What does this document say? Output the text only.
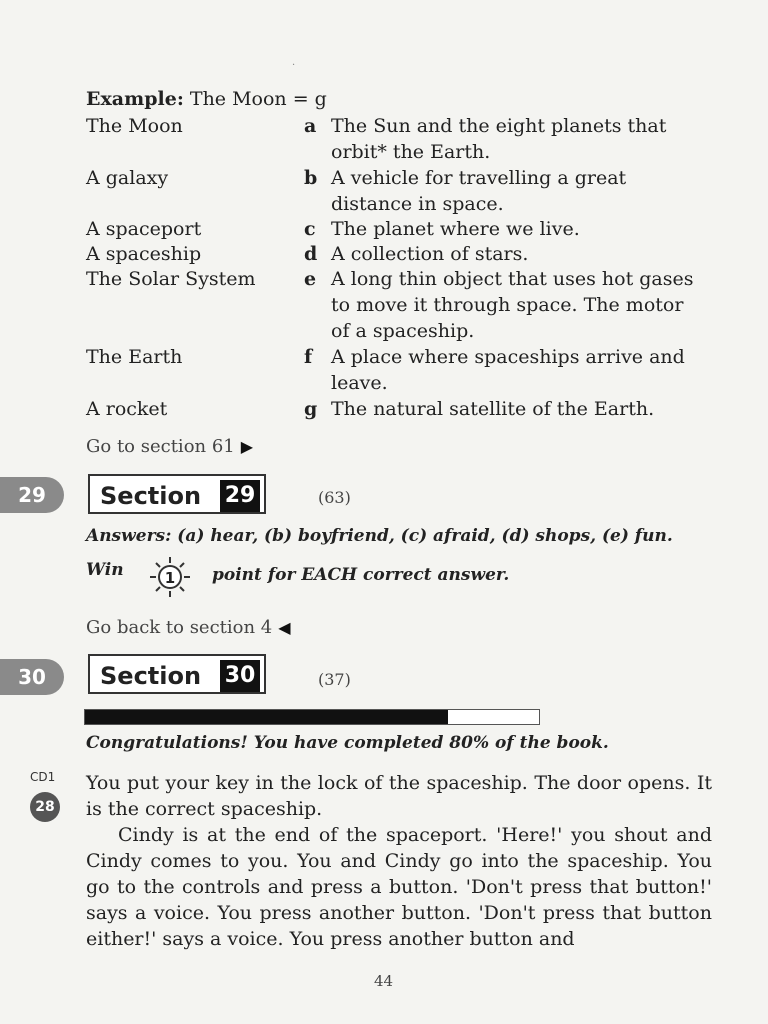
·
Example: The Moon = g
The Moon	a The Sun and the eight planets that orbit* the Earth.
A galaxy	b A vehicle for travelling a great distance in space.
A spaceport	c The planet where we live.
A spaceship	d A collection of stars.
The Solar System	e A long thin object that uses hot gases to move it through space. The motor of a spaceship.
The Earth	f A place where spaceships arrive and leave.
A rocket	g The natural satellite of the Earth.
Go to section 61 ▶
29	Section 29	(63)
Answers: (a) hear, (b) boyfriend, (c) afraid, (d) shops, (e) fun.
Win	1 point for EACH correct answer.
Go back to section 4 ◀
30	Section 30	(37)
Congratulations! You have completed 80% of the book.
CD1
28
You put your key in the lock of the spaceship. The door opens. It is the correct spaceship.
Cindy is at the end of the spaceport. 'Here!' you shout and Cindy comes to you. You and Cindy go into the spaceship. You go to the controls and press a button. 'Don't press that button!' says a voice. You press another button. 'Don't press that button either!' says a voice. You press another button and
44
